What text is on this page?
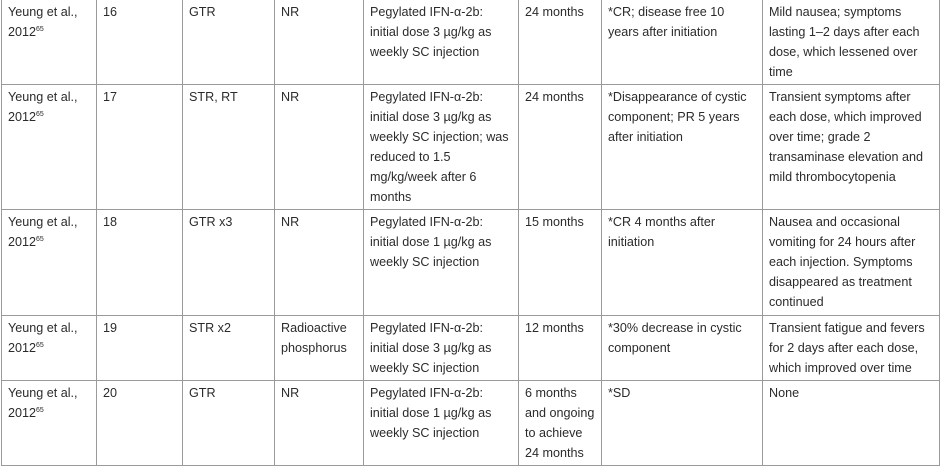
Yeung et al., 2012$^{65}$	16	GTR	NR	Pegylated IFN-α-2b: initial dose 3 µg/kg as weekly SC injection	24 months	*CR; disease free 10 years after initiation	Mild nausea; symptoms lasting 1–2 days after each dose, which lessened over time
Yeung et al., 2012$^{65}$	17	STR, RT	NR	Pegylated IFN-α-2b: initial dose 3 µg/kg as weekly SC injection; was reduced to 1.5 mg/kg/week after 6 months	24 months	*Disappearance of cystic component; PR 5 years after initiation	Transient symptoms after each dose, which improved over time; grade 2 transaminase elevation and mild thrombocytopenia
Yeung et al., 2012$^{65}$	18	GTR x3	NR	Pegylated IFN-α-2b: initial dose 1 µg/kg as weekly SC injection	15 months	*CR 4 months after initiation	Nausea and occasional vomiting for 24 hours after each injection. Symptoms disappeared as treatment continued
Yeung et al., 2012$^{65}$	19	STR x2	Radioactive phosphorus	Pegylated IFN-α-2b: initial dose 3 µg/kg as weekly SC injection	12 months	*30% decrease in cystic component	Transient fatigue and fevers for 2 days after each dose, which improved over time
Yeung et al., 2012$^{65}$	20	GTR	NR	Pegylated IFN-α-2b: initial dose 1 µg/kg as weekly SC injection	6 months and ongoing to achieve 24 months	*SD	None
